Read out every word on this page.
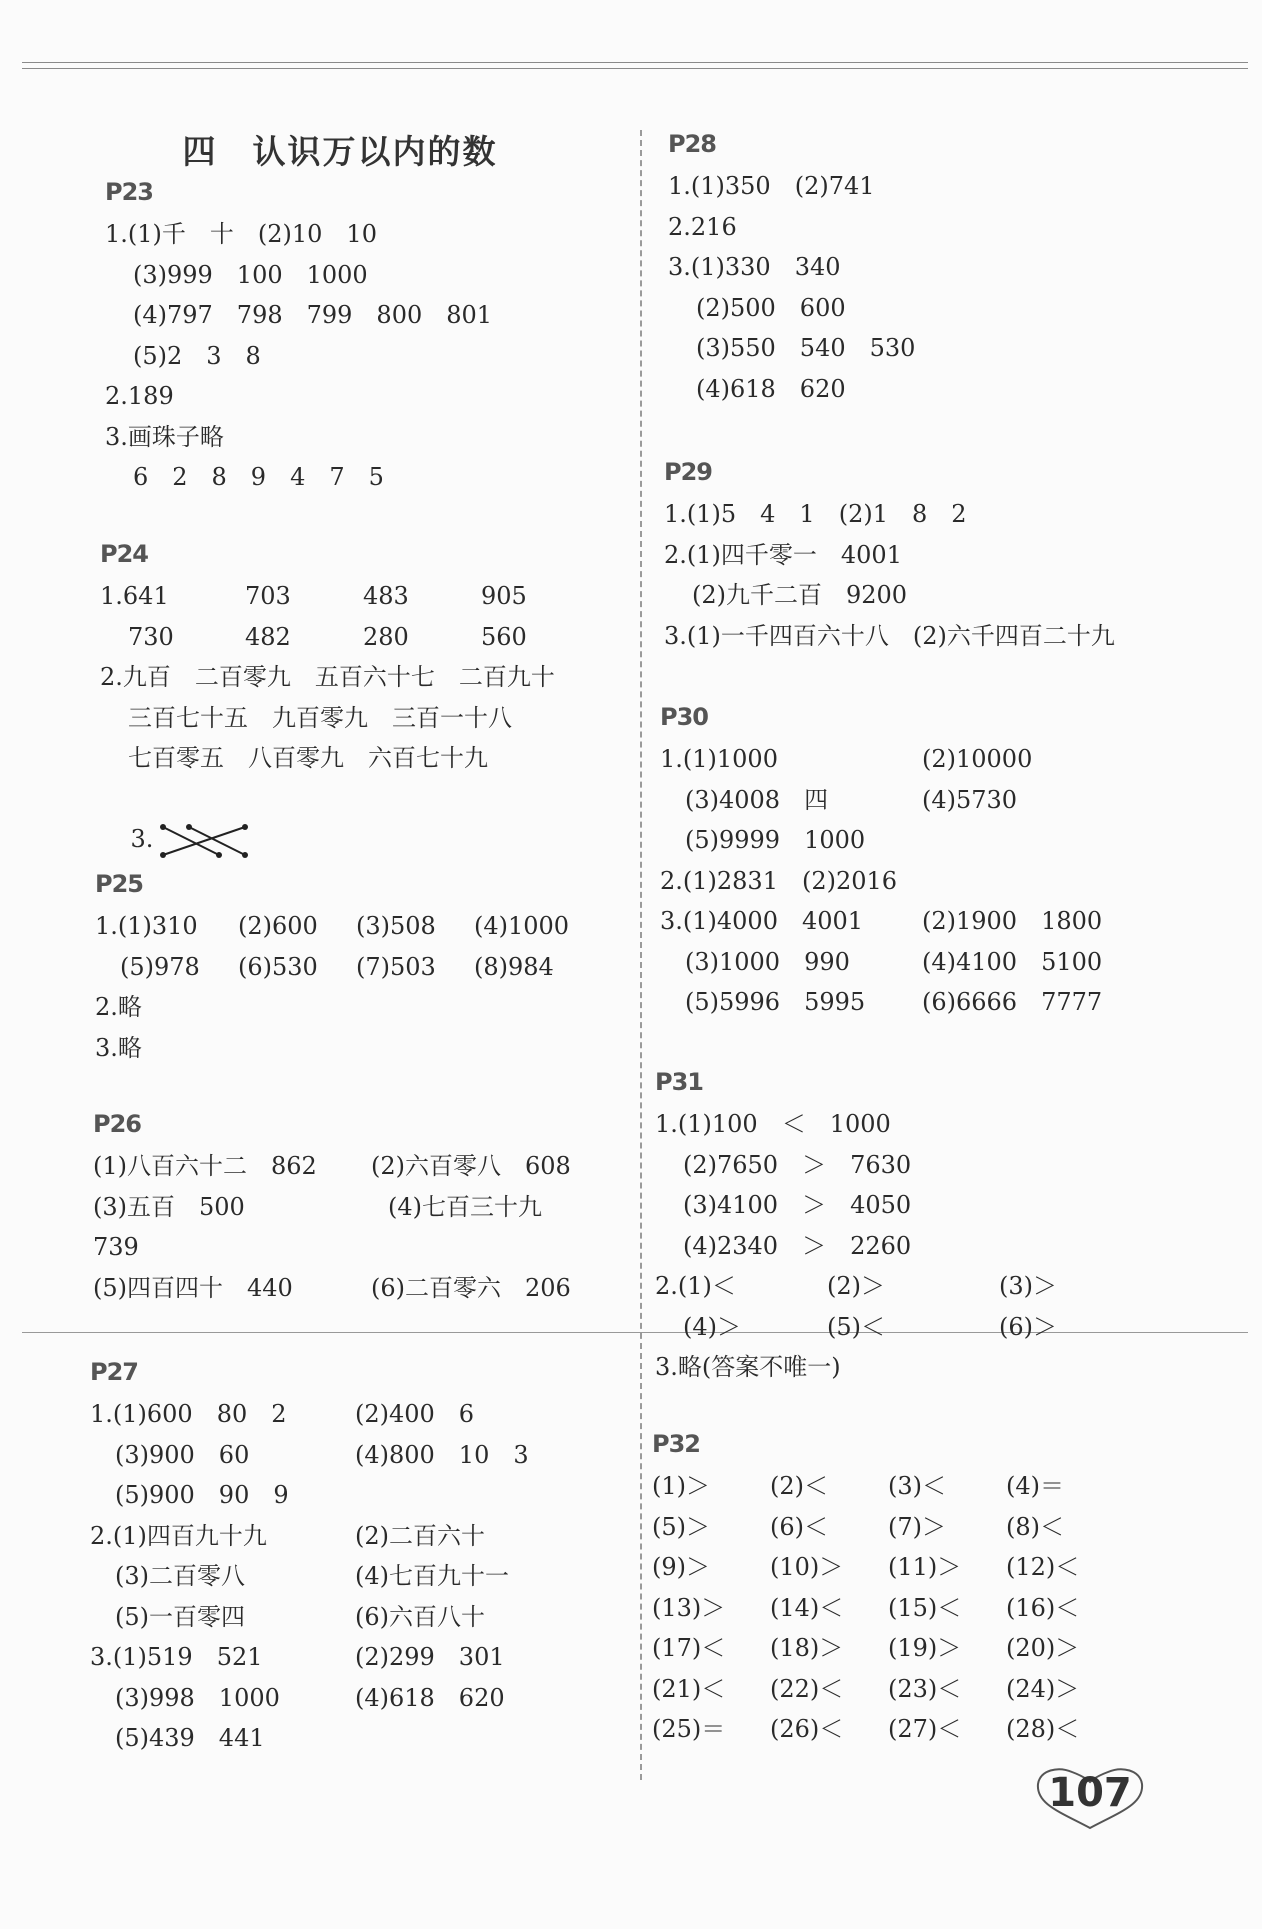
四　认识万以内的数
P23
1.(1)千　十　(2)10　10
(3)999　100　1000
(4)797　798　799　800　801
(5)2　3　8
2.189
3.画珠子略
6　2　8　9　4　7　5
P24
1.641	703	483	905
730	482	280	560
2.九百　二百零九　五百六十七　二百九十
三百七十五　九百零九　三百一十八
七百零五　八百零九　六百七十九

3.

P25
1.(1)310	(2)600	(3)508	(4)1000
(5)978	(6)530	(7)503	(8)984
2.略
3.略
P26
(1)八百六十二　862	(2)六百零八　608
(3)五百　500	(4)七百三十九
739
(5)四百四十　440	(6)二百零六　206
P27
1.(1)600　80　2	(2)400　6
(3)900　60	(4)800　10　3
(5)900　90　9
2.(1)四百九十九	(2)二百六十
(3)二百零八	(4)七百九十一
(5)一百零四	(6)六百八十
3.(1)519　521	(2)299　301
(3)998　1000	(4)618　620
(5)439　441
P28
1.(1)350　(2)741
2.216
3.(1)330　340
(2)500　600
(3)550　540　530
(4)618　620
P29
1.(1)5　4　1　(2)1　8　2
2.(1)四千零一　4001
(2)九千二百　9200
3.(1)一千四百六十八　(2)六千四百二十九
P30
1.(1)1000	(2)10000
(3)4008　四	(4)5730
(5)9999　1000
2.(1)2831　(2)2016
3.(1)4000　4001	(2)1900　1800
(3)1000　990	(4)4100　5100
(5)5996　5995	(6)6666　7777
P31
1.(1)100　＜　1000
(2)7650　＞　7630
(3)4100　＞　4050
(4)2340　＞　2260
2.(1)＜	(2)＞	(3)＞
(4)＞	(5)＜	(6)＞
3.略(答案不唯一)
P32
(1)＞	(2)＜	(3)＜	(4)＝
(5)＞	(6)＜	(7)＞	(8)＜
(9)＞	(10)＞	(11)＞	(12)＜
(13)＞	(14)＜	(15)＜	(16)＜
(17)＜	(18)＞	(19)＞	(20)＞
(21)＜	(22)＜	(23)＜	(24)＞
(25)＝	(26)＜	(27)＜	(28)＜
107
